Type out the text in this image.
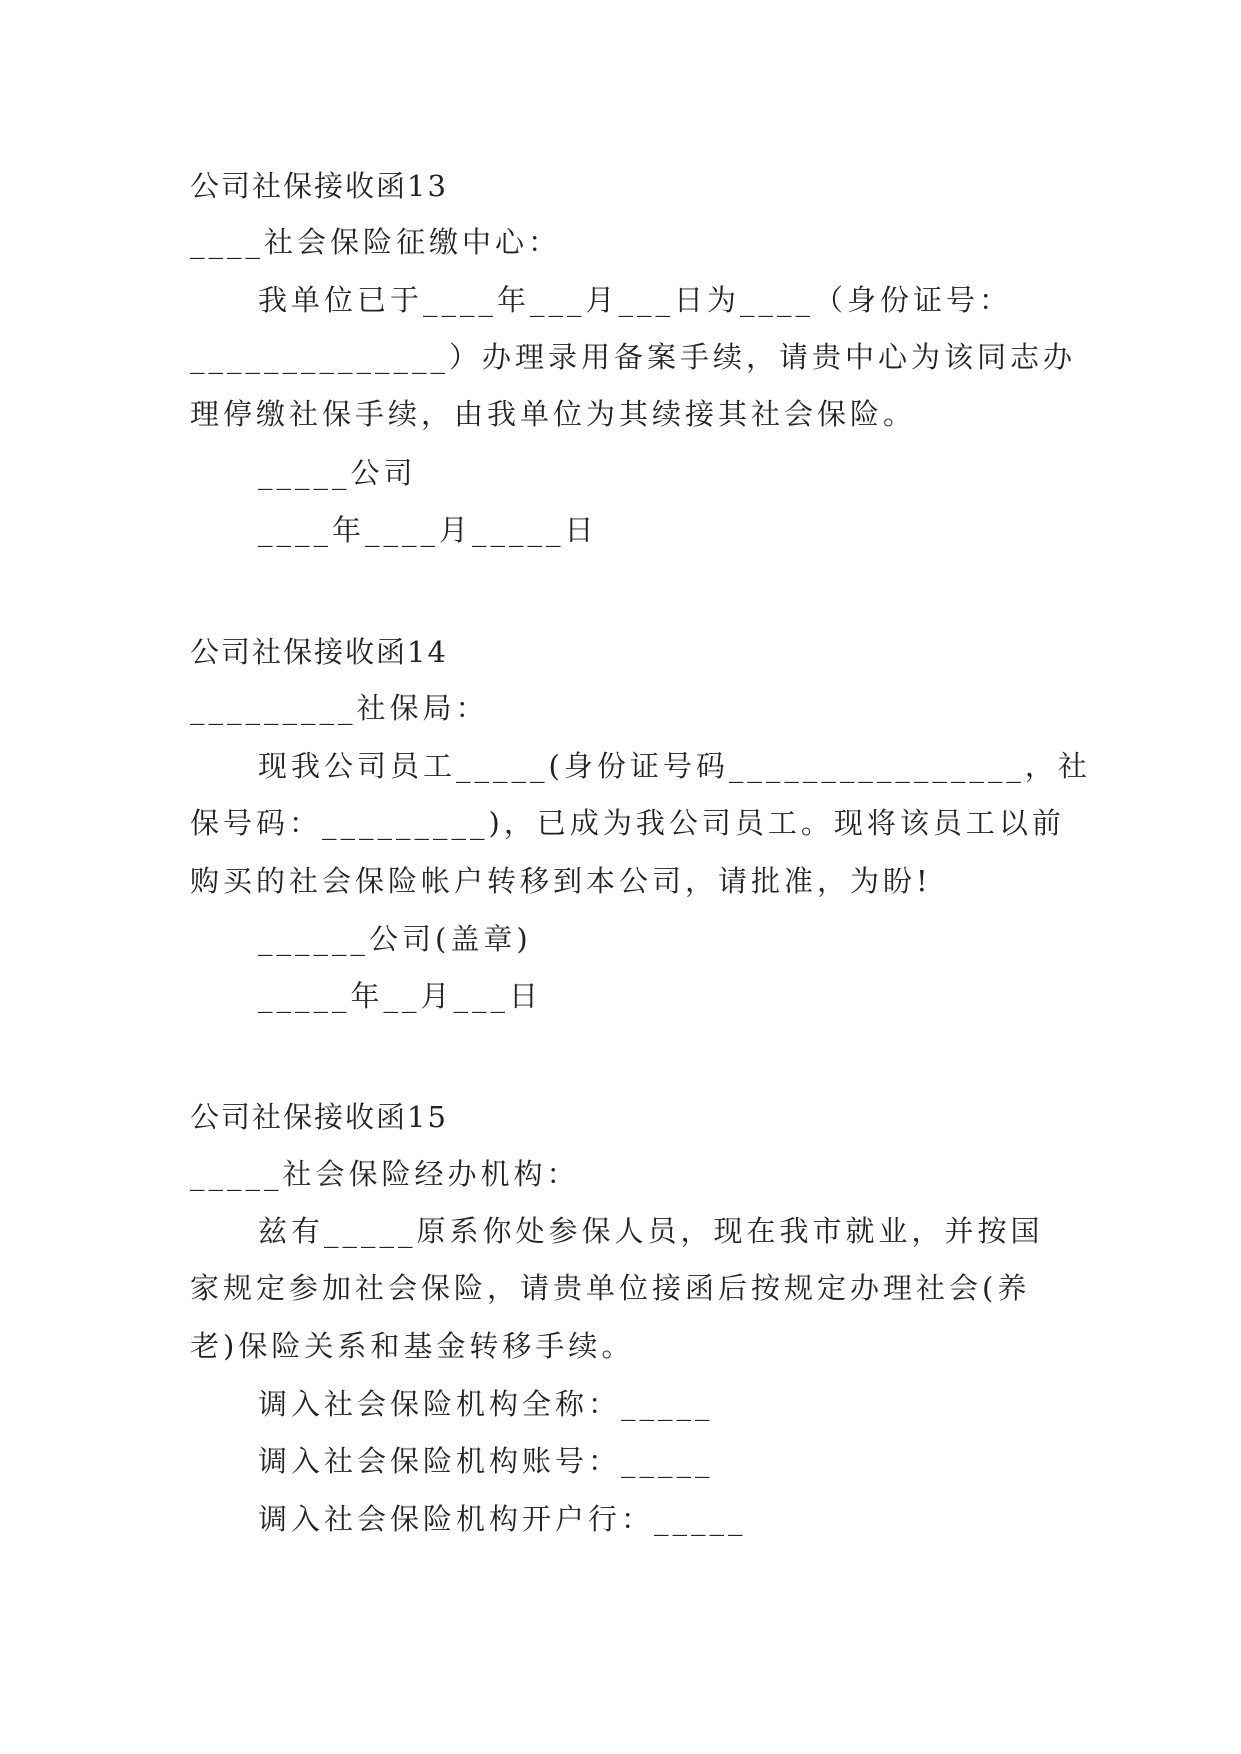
公司社保接收函13
____社会保险征缴中心：
我单位已于____年___月___日为____（身份证号：
______________）办理录用备案手续，请贵中心为该同志办
理停缴社保手续，由我单位为其续接其社会保险。
_____公司
____年____月_____日
公司社保接收函14
_________社保局：
现我公司员工_____(身份证号码________________，社
保号码：_________)，已成为我公司员工。现将该员工以前
购买的社会保险帐户转移到本公司，请批准，为盼!
______公司(盖章)
_____年__月___日
公司社保接收函15
_____社会保险经办机构：
兹有_____原系你处参保人员，现在我市就业，并按国
家规定参加社会保险，请贵单位接函后按规定办理社会(养
老)保险关系和基金转移手续。
调入社会保险机构全称：_____
调入社会保险机构账号：_____
调入社会保险机构开户行：_____
